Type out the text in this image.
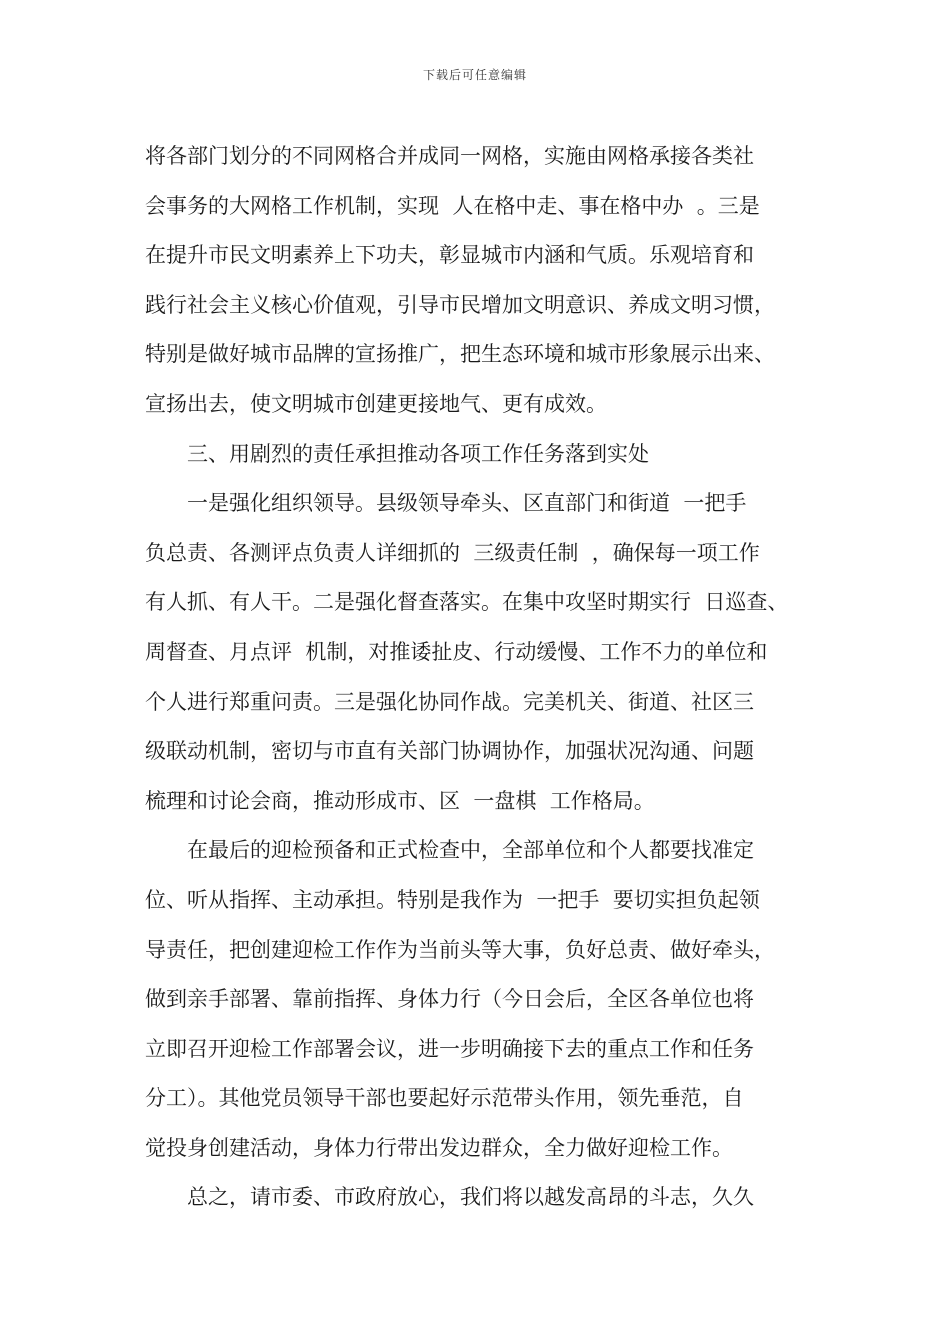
下载后可任意编辑
将各部门划分的不同网格合并成同一网格，实施由网格承接各类社
会事务的大网格工作机制，实现  人在格中走、事在格中办  。三是
在提升市民文明素养上下功夫，彰显城市内涵和气质。乐观培育和
践行社会主义核心价值观，引导市民增加文明意识、养成文明习惯，
特别是做好城市品牌的宣扬推广，把生态环境和城市形象展示出来、
宣扬出去，使文明城市创建更接地气、更有成效。
三、用剧烈的责任承担推动各项工作任务落到实处
一是强化组织领导。县级领导牵头、区直部门和街道  一把手
负总责、各测评点负责人详细抓的  三级责任制  ，确保每一项工作
有人抓、有人干。二是强化督查落实。在集中攻坚时期实行  日巡查、
周督查、月点评  机制，对推诿扯皮、行动缓慢、工作不力的单位和
个人进行郑重问责。三是强化协同作战。完美机关、街道、社区三
级联动机制，密切与市直有关部门协调协作，加强状况沟通、问题
梳理和讨论会商，推动形成市、区  一盘棋  工作格局。
在最后的迎检预备和正式检查中，全部单位和个人都要找准定
位、听从指挥、主动承担。特别是我作为  一把手  要切实担负起领
导责任，把创建迎检工作作为当前头等大事，负好总责、做好牵头，
做到亲手部署、靠前指挥、身体力行（今日会后，全区各单位也将
立即召开迎检工作部署会议，进一步明确接下去的重点工作和任务
分工）。其他党员领导干部也要起好示范带头作用，领先垂范，自
觉投身创建活动，身体力行带出发边群众，全力做好迎检工作。
总之，请市委、市政府放心，我们将以越发高昂的斗志，久久
